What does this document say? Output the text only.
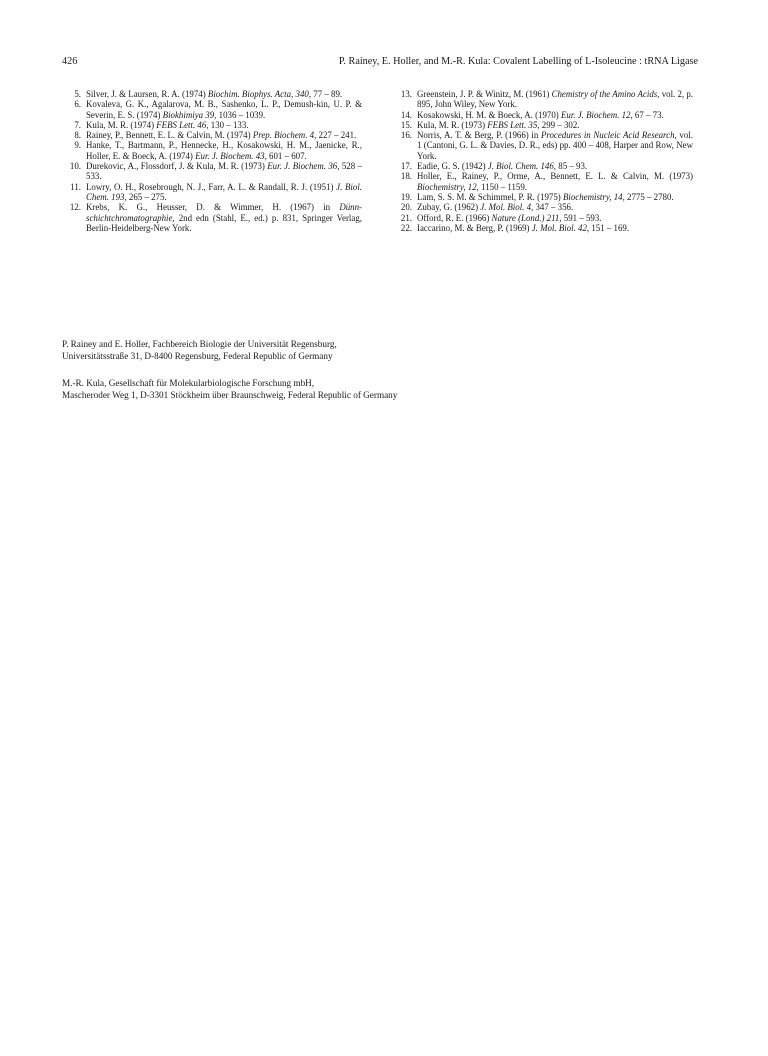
426	P. Rainey, E. Holler, and M.-R. Kula: Covalent Labelling of L-Isoleucine : tRNA Ligase
5. Silver, J. & Laursen, R. A. (1974) Biochim. Biophys. Acta, 340, 77 – 89.
6. Kovaleva, G. K., Agalarova, M. B., Sashenko, L. P., Demush-kin, U. P. & Severin, E. S. (1974) Biokhimiya 39, 1036 – 1039.
7. Kula, M. R. (1974) FEBS Lett. 46, 130 – 133.
8. Rainey, P., Bennett, E. L. & Calvin, M. (1974) Prep. Biochem. 4, 227 – 241.
9. Hanke, T., Bartmann, P., Hennecke, H., Kosakowski, H. M., Jaenicke, R., Holler, E. & Boeck, A. (1974) Eur. J. Biochem. 43, 601 – 607.
10. Durekovic, A., Flossdorf, J. & Kula, M. R. (1973) Eur. J. Biochem. 36, 528 – 533.
11. Lowry, O. H., Rosebrough, N. J., Farr, A. L. & Randall, R. J. (1951) J. Biol. Chem. 193, 265 – 275.
12. Krebs, K. G., Heusser, D. & Wimmer, H. (1967) in Dünn-schichtchromatographie, 2nd edn (Stahl, E., ed.) p. 831, Springer Verlag, Berlin-Heidelberg-New York.
13. Greenstein, J. P. & Winitz, M. (1961) Chemistry of the Amino Acids, vol. 2, p. 895, John Wiley, New York.
14. Kosakowski, H. M. & Boeck, A. (1970) Eur. J. Biochem. 12, 67 – 73.
15. Kula, M. R. (1973) FEBS Lett. 35, 299 – 302.
16. Norris, A. T. & Berg, P. (1966) in Procedures in Nucleic Acid Research, vol. 1 (Cantoni, G. L. & Davies, D. R., eds) pp. 400 – 408, Harper and Row, New York.
17. Eadie, G. S. (1942) J. Biol. Chem. 146, 85 – 93.
18. Holler, E., Rainey, P., Orme, A., Bennett, E. L. & Calvin, M. (1973) Biochemistry, 12, 1150 – 1159.
19. Lam, S. S. M. & Schimmel, P. R. (1975) Biochemistry, 14, 2775 – 2780.
20. Zubay, G. (1962) J. Mol. Biol. 4, 347 – 356.
21. Offord, R. E. (1966) Nature (Lond.) 211, 591 – 593.
22. Iaccarino, M. & Berg, P. (1969) J. Mol. Biol. 42, 151 – 169.
P. Rainey and E. Holler, Fachbereich Biologie der Universität Regensburg,
Universitätsstraße 31, D-8400 Regensburg, Federal Republic of Germany
M.-R. Kula, Gesellschaft für Molekularbiologische Forschung mbH,
Mascheroder Weg 1, D-3301 Stöckheim über Braunschweig, Federal Republic of Germany
